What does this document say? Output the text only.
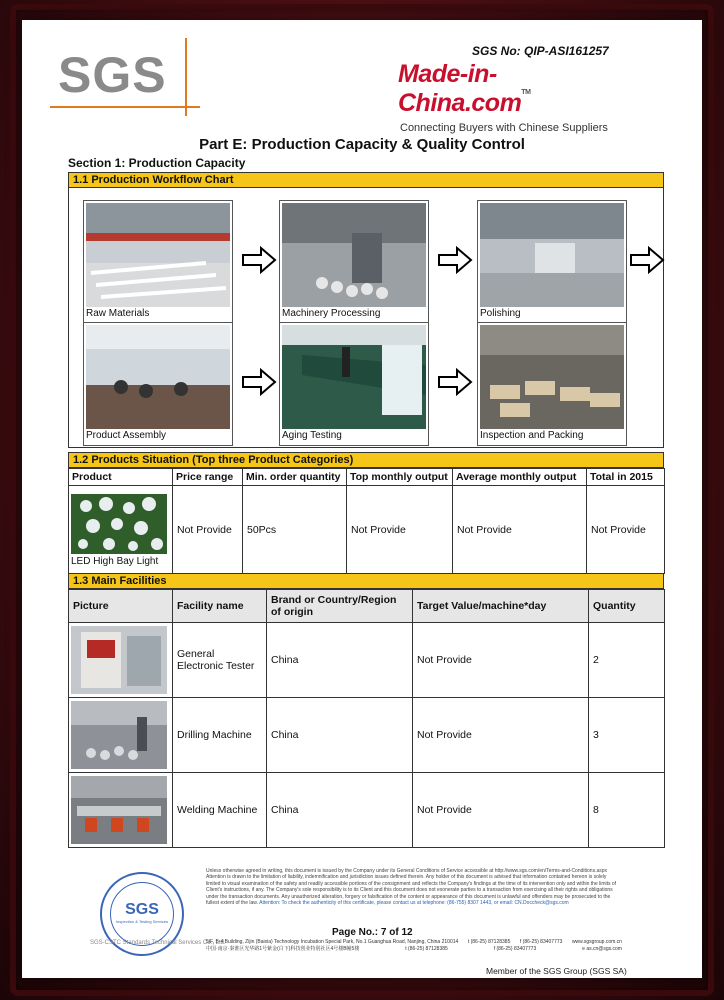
SGS	SGS No: QIP-ASI161257
Made-in-China.com™
Connecting Buyers with Chinese Suppliers
Part E: Production Capacity & Quality Control
Section 1: Production Capacity
1.1 Production Workflow Chart
Raw Materials	Machinery Processing	Polishing
Product Assembly	Aging Testing	Inspection and Packing
1.2 Products Situation (Top three Product Categories)
Product	Price range	Min. order quantity	Top monthly output	Average monthly output	Total in 2015

LED High Bay Light	Not Provide	50Pcs	Not Provide	Not Provide	Not Provide
1.3 Main Facilities
Picture	Facility name	Brand or Country/Region of origin	Target Value/machine*day	Quantity

	General Electronic Tester	China	Not Provide	2

	Drilling Machine	China	Not Provide	3

	Welding Machine	China	Not Provide	8
SGS
Inspection & Testing Services
SGS-CSTC Standards Technical Services Co., Ltd.
Unless otherwise agreed in writing, this document is issued by the Company under its General Conditions of Service accessible at http://www.sgs.com/en/Terms-and-Conditions.aspx Attention is drawn to the limitation of liability, indemnification and jurisdiction issues defined therein. Any holder of this document is advised that information contained hereon is solely limited to visual examination of the safety and readily accessible portions of the consignment and reflects the Company's findings at the time of its intervention only and within the limits of Client's instructions, if any. The Company's sole responsibility is to its Client and this document does not exonerate parties to a transaction from exercising all their rights and obligations under the transaction documents. Any unauthorized alteration, forgery or falsification of the content or appearance of this document is unlawful and offenders may be prosecuted to the fullest extent of the law. Attention: To check the authenticity of this certificate, please contact us at telephone: (86-755) 8307 1443, or email: CN.Doccheck@sgs.com
Page No.: 7 of 12
5/F, B-4 Building, Zijin (Baixia) Technology Incubation Special Park, No.1 Guanghua Road, Nanjing, China 210014 t (86-25) 87128385 f (86-25) 83407773 www.sgsgroup.com.cn
中国·南京·秦淮区光华路1号紫金(白下)科技创业特别社区4号楼B幢5楼	t (86-25) 87128385	f (86-25) 83407773	e as.cn@sgs.com
Member of the SGS Group (SGS SA)
